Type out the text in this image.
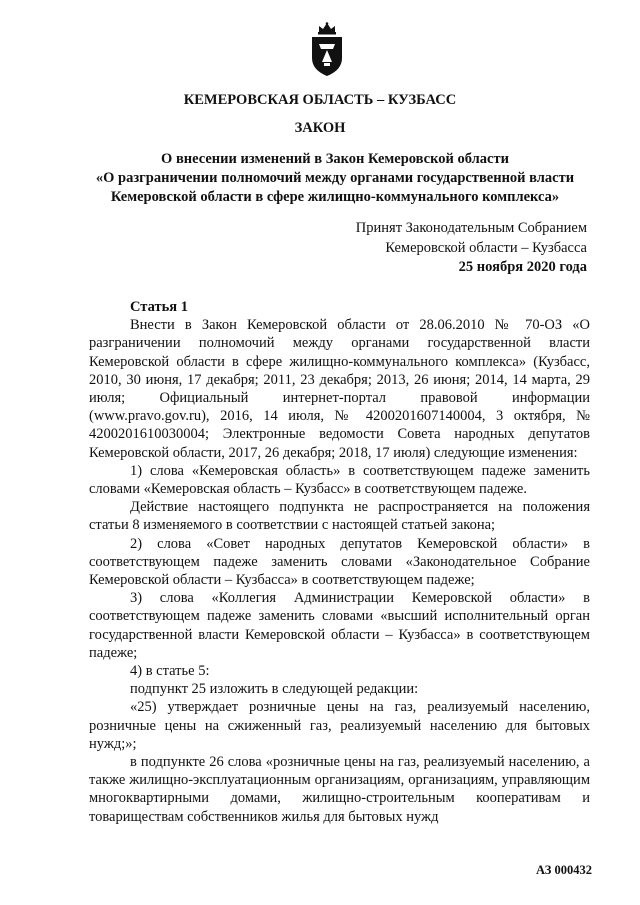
КЕМЕРОВСКАЯ ОБЛАСТЬ – КУЗБАСС
ЗАКОН
О внесении изменений в Закон Кемеровской области
«О разграничении полномочий между органами государственной власти
Кемеровской области в сфере жилищно-коммунального комплекса»
Принят Законодательным Собранием
Кемеровской области – Кузбасса
25 ноября 2020 года
Статья 1

Внести в Закон Кемеровской области от 28.06.2010 № 70-ОЗ «О разграничении полномочий между органами государственной власти Кемеровской области в сфере жилищно-коммунального комплекса» (Кузбасс, 2010, 30 июня, 17 декабря; 2011, 23 декабря; 2013, 26 июня; 2014, 14 марта, 29 июля; Официальный интернет-портал правовой информации (www.pravo.gov.ru), 2016, 14 июля, № 4200201607140004, 3 октября, № 4200201610030004; Электронные ведомости Совета народных депутатов Кемеровской области, 2017, 26 декабря; 2018, 17 июля) следующие изменения:

1) слова «Кемеровская область» в соответствующем падеже заменить словами «Кемеровская область – Кузбасс» в соответствующем падеже.

Действие настоящего подпункта не распространяется на положения статьи 8 изменяемого в соответствии с настоящей статьей закона;

2) слова «Совет народных депутатов Кемеровской области» в соответствующем падеже заменить словами «Законодательное Собрание Кемеровской области – Кузбасса» в соответствующем падеже;

3) слова «Коллегия Администрации Кемеровской области» в соответствующем падеже заменить словами «высший исполнительный орган государственной власти Кемеровской области – Кузбасса» в соответствующем падеже;

4) в статье 5:

подпункт 25 изложить в следующей редакции:

«25) утверждает розничные цены на газ, реализуемый населению, розничные цены на сжиженный газ, реализуемый населению для бытовых нужд;»;

в подпункте 26 слова «розничные цены на газ, реализуемый населению, а также жилищно-эксплуатационным организациям, организациям, управляющим многоквартирными домами, жилищно-строительным кооперативам и товариществам собственников жилья для бытовых нужд

АЗ 000432
